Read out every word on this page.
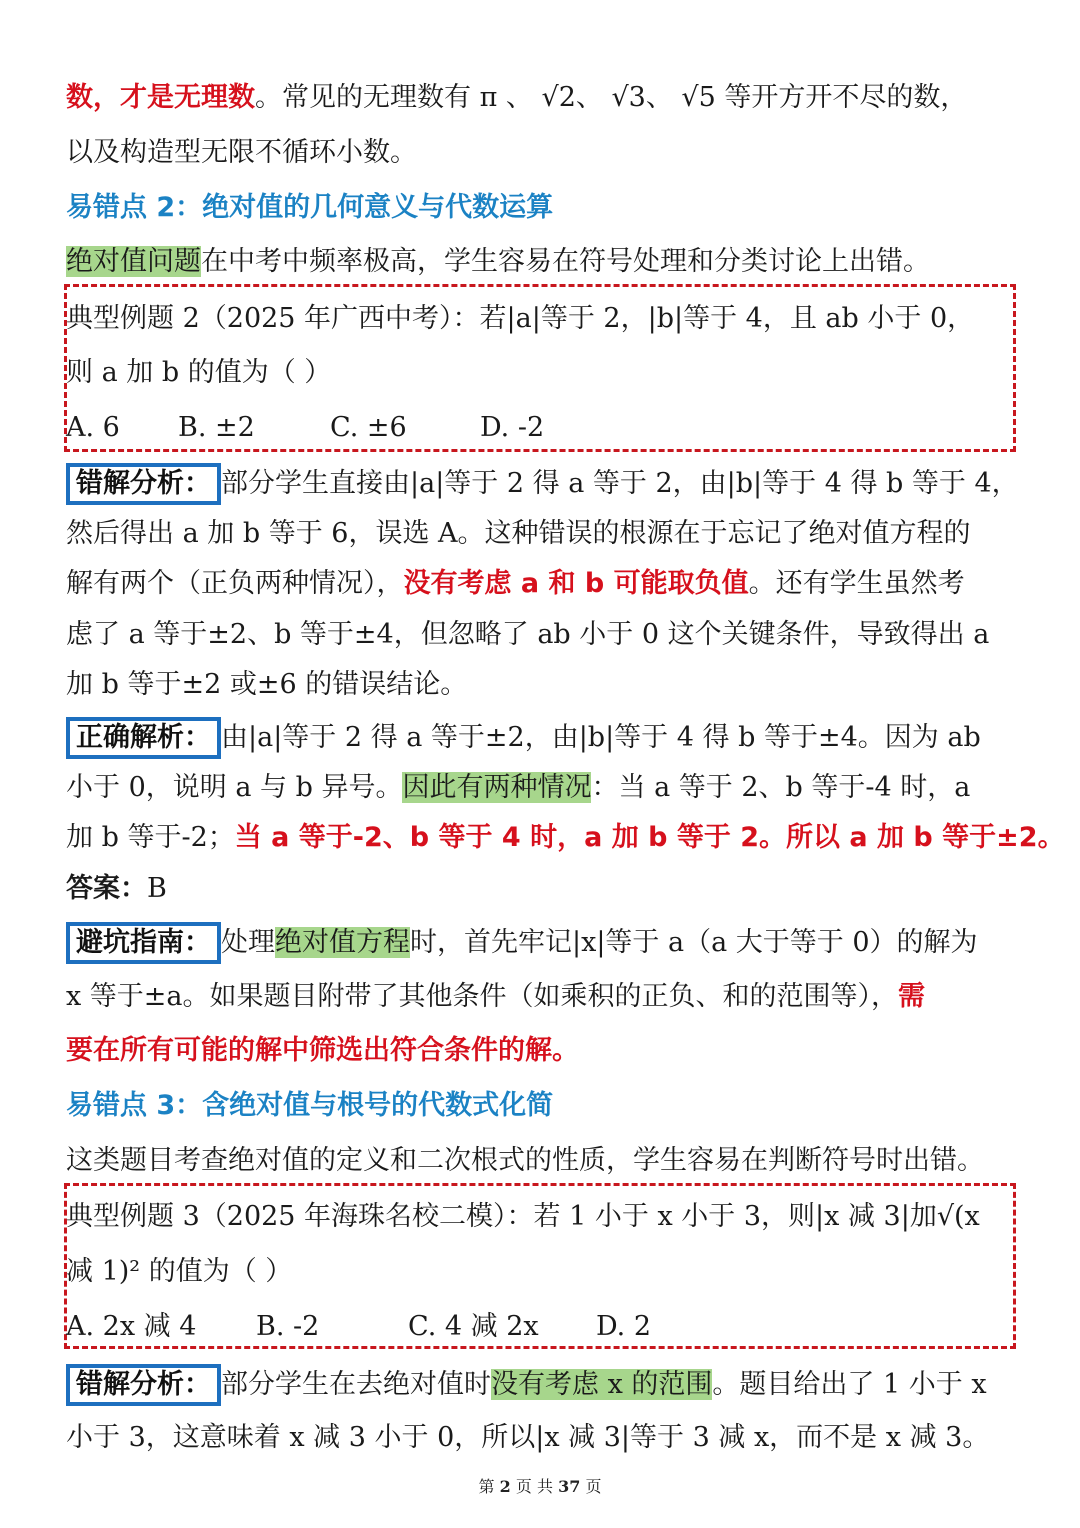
数，才是无理数。常见的无理数有 π 、 √2、 √3、 √5 等开方开不尽的数，
以及构造型无限不循环小数。
易错点 2：绝对值的几何意义与代数运算
绝对值问题在中考中频率极高，学生容易在符号处理和分类讨论上出错。
典型例题 2（2025 年广西中考）：若|a|等于 2，|b|等于 4，且 ab 小于 0，
则 a 加 b 的值为（ ）
A. 6 B. ±2	C. ±6	D. -2
错解分析： 部分学生直接由|a|等于 2 得 a 等于 2，由|b|等于 4 得 b 等于 4，
然后得出 a 加 b 等于 6，误选 A。这种错误的根源在于忘记了绝对值方程的
解有两个（正负两种情况），没有考虑 a 和 b 可能取负值。还有学生虽然考
虑了 a 等于±2、b 等于±4，但忽略了 ab 小于 0 这个关键条件，导致得出 a
加 b 等于±2 或±6 的错误结论。
正确解析： 由|a|等于 2 得 a 等于±2，由|b|等于 4 得 b 等于±4。因为 ab
小于 0，说明 a 与 b 异号。因此有两种情况：当 a 等于 2、b 等于-4 时，a
加 b 等于-2；当 a 等于-2、b 等于 4 时，a 加 b 等于 2。所以 a 加 b 等于±2。
答案：B
避坑指南： 处理绝对值方程时，首先牢记|x|等于 a（a 大于等于 0）的解为
x 等于±a。如果题目附带了其他条件（如乘积的正负、和的范围等），需
要在所有可能的解中筛选出符合条件的解。
易错点 3：含绝对值与根号的代数式化简
这类题目考查绝对值的定义和二次根式的性质，学生容易在判断符号时出错。
典型例题 3（2025 年海珠名校二模）：若 1 小于 x 小于 3，则|x 减 3|加√(x
减 1)² 的值为（ ）
A. 2x 减 4 B. -2	C. 4 减 2x D. 2
错解分析： 部分学生在去绝对值时没有考虑 x 的范围。题目给出了 1 小于 x
小于 3，这意味着 x 减 3 小于 0，所以|x 减 3|等于 3 减 x，而不是 x 减 3。
第 2 页 共 37 页
